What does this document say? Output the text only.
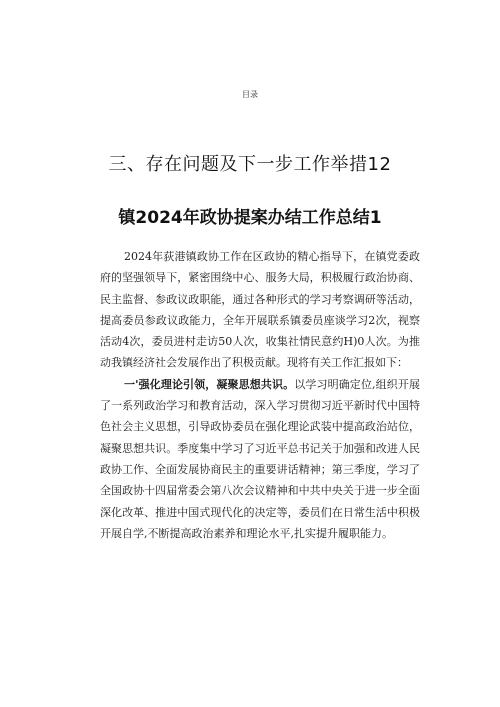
目录
三、存在问题及下一步工作举措12
镇2024年政协提案办结工作总结1

2024年荻港镇政协工作在区政协的精心指导下，在镇党委政府的坚强领导下，紧密围绕中心、服务大局，积极履行政治协商、民主监督、参政议政职能，通过各种形式的学习考察调研等活动，提高委员参政议政能力，全年开展联系镇委员座谈学习2次，视察活动4次，委员进村走访50人次，收集社情民意约H)0人次。为推动我镇经济社会发展作出了积极贡献。现将有关工作汇报如下：

一'强化理论引领，凝聚思想共识。以学习明确定位,组织开展了一系列政治学习和教育活动，深入学习贯彻习近平新时代中国特色社会主义思想，引导政协委员在强化理论武装中提高政治站位，凝聚思想共识。季度集中学习了习近平总书记关于加强和改进人民政协工作、全面发展协商民主的重要讲话精神；第三季度，学习了全国政协十四届常委会第八次会议精神和中共中央关于进一步全面深化改革、推进中国式现代化的决定等，委员们在日常生活中积极开展自学,不断提高政治素养和理论水平,扎实提升履职能力。
